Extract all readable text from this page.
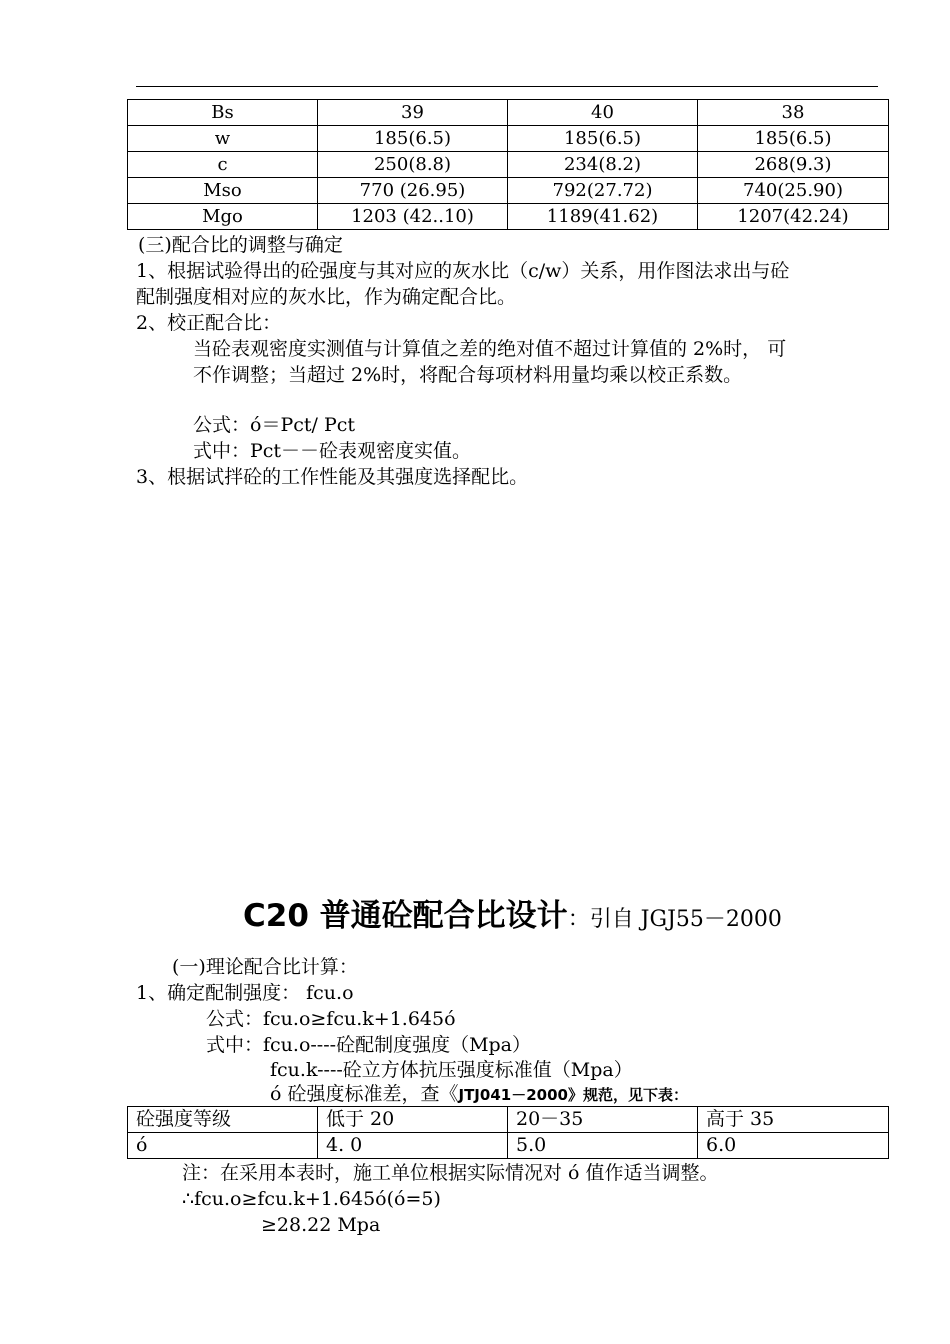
Bs	39	40	38
w	185(6.5)	185(6.5)	185(6.5)
c	250(8.8)	234(8.2)	268(9.3)
Mso	770 (26.95)	792(27.72)	740(25.90)
Mgo	1203 (42..10)	1189(41.62)	1207(42.24)
(三)配合比的调整与确定
1、根据试验得出的砼强度与其对应的灰水比（c/w）关系，用作图法求出与砼
配制强度相对应的灰水比，作为确定配合比。
2、校正配合比：
当砼表观密度实测值与计算值之差的绝对值不超过计算值的 2%时， 可
不作调整；当超过 2%时，将配合每项材料用量均乘以校正系数。
公式：ó＝Pct/ Pct
式中：Pct－－砼表观密度实值。
3、根据试拌砼的工作性能及其强度选择配比。
C20 普通砼配合比设计：引自 JGJ55－2000
(一)理论配合比计算：
1、确定配制强度： fcu.o
公式：fcu.o≥fcu.k+1.645ó
式中：fcu.o----砼配制度强度（Mpa）
fcu.k----砼立方体抗压强度标准值（Mpa）
ó 砼强度标准差，查《JTJ041－2000》规范，见下表：
砼强度等级	低于 20	20－35	高于 35
ó	4. 0	5.0	6.0
注：在采用本表时，施工单位根据实际情况对 ó 值作适当调整。
∴fcu.o≥fcu.k+1.645ó(ó=5)
≥28.22 Mpa
